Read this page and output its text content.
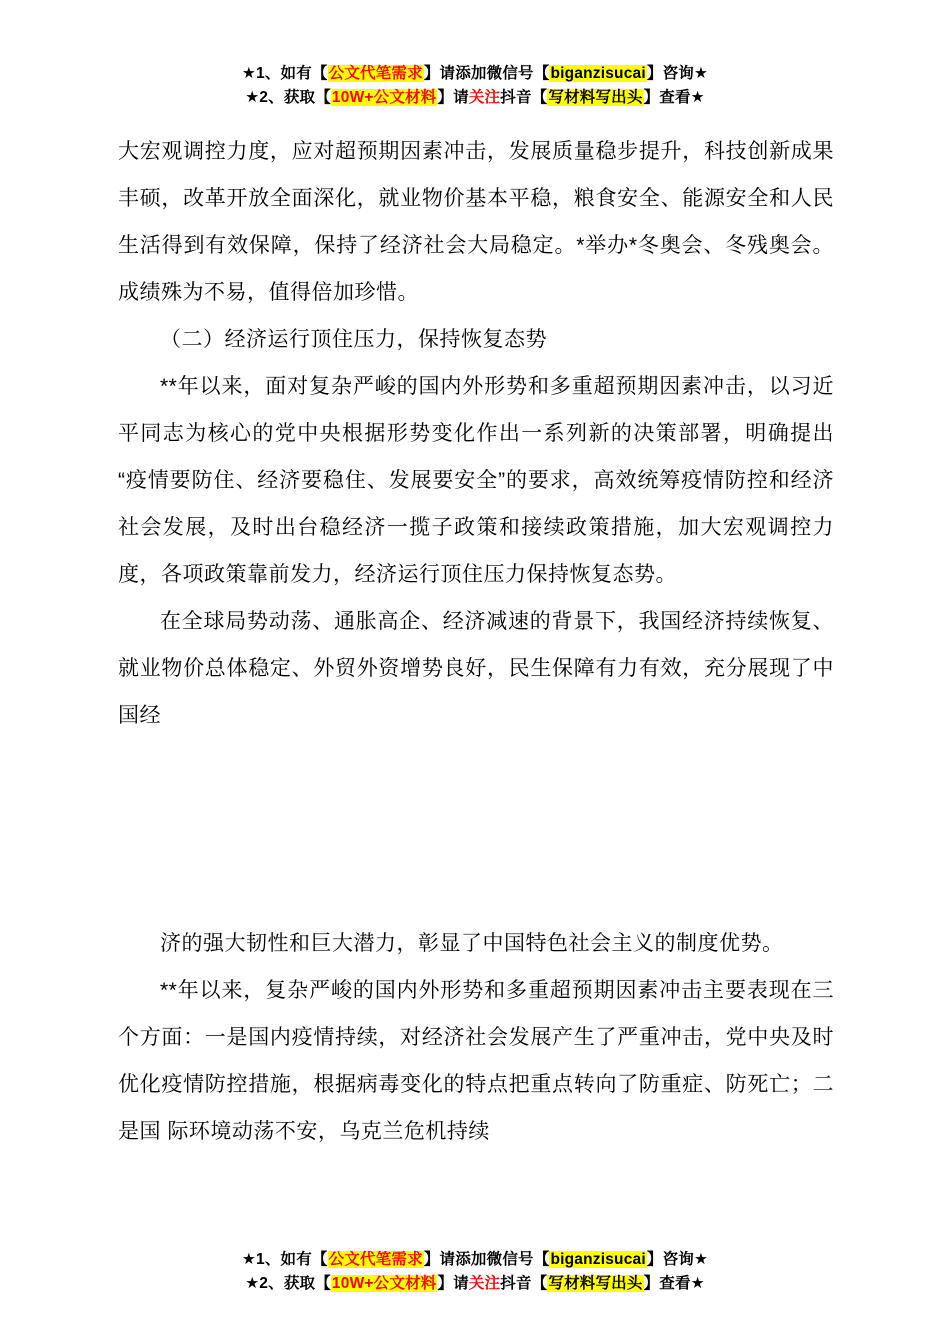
★1、如有【公文代笔需求】请添加微信号【biganzisucai】咨询★
★2、获取【10W+公文材料】请关注抖音【写材料写出头】查看★

大宏观调控力度，应对超预期因素冲击，发展质量稳步提升，科技创新成果丰硕，改革开放全面深化，就业物价基本平稳，粮食安全、能源安全和人民生活得到有效保障，保持了经济社会大局稳定。*举办*冬奥会、冬残奥会。成绩殊为不易，值得倍加珍惜。

（二）经济运行顶住压力，保持恢复态势

**年以来，面对复杂严峻的国内外形势和多重超预期因素冲击，以习近平同志为核心的党中央根据形势变化作出一系列新的决策部署，明确提出“疫情要防住、经济要稳住、发展要安全”的要求，高效统筹疫情防控和经济社会发展，及时出台稳经济一揽子政策和接续政策措施，加大宏观调控力度，各项政策靠前发力，经济运行顶住压力保持恢复态势。

在全球局势动荡、通胀高企、经济减速的背景下，我国经济持续恢复、就业物价总体稳定、外贸外资增势良好，民生保障有力有效，充分展现了中国经

济的强大韧性和巨大潜力，彰显了中国特色社会主义的制度优势。

**年以来，复杂严峻的国内外形势和多重超预期因素冲击主要表现在三个方面：一是国内疫情持续，对经济社会发展产生了严重冲击，党中央及时优化疫情防控措施，根据病毒变化的特点把重点转向了防重症、防死亡；二是国 际环境动荡不安，乌克兰危机持续

★1、如有【公文代笔需求】请添加微信号【biganzisucai】咨询★
★2、获取【10W+公文材料】请关注抖音【写材料写出头】查看★
